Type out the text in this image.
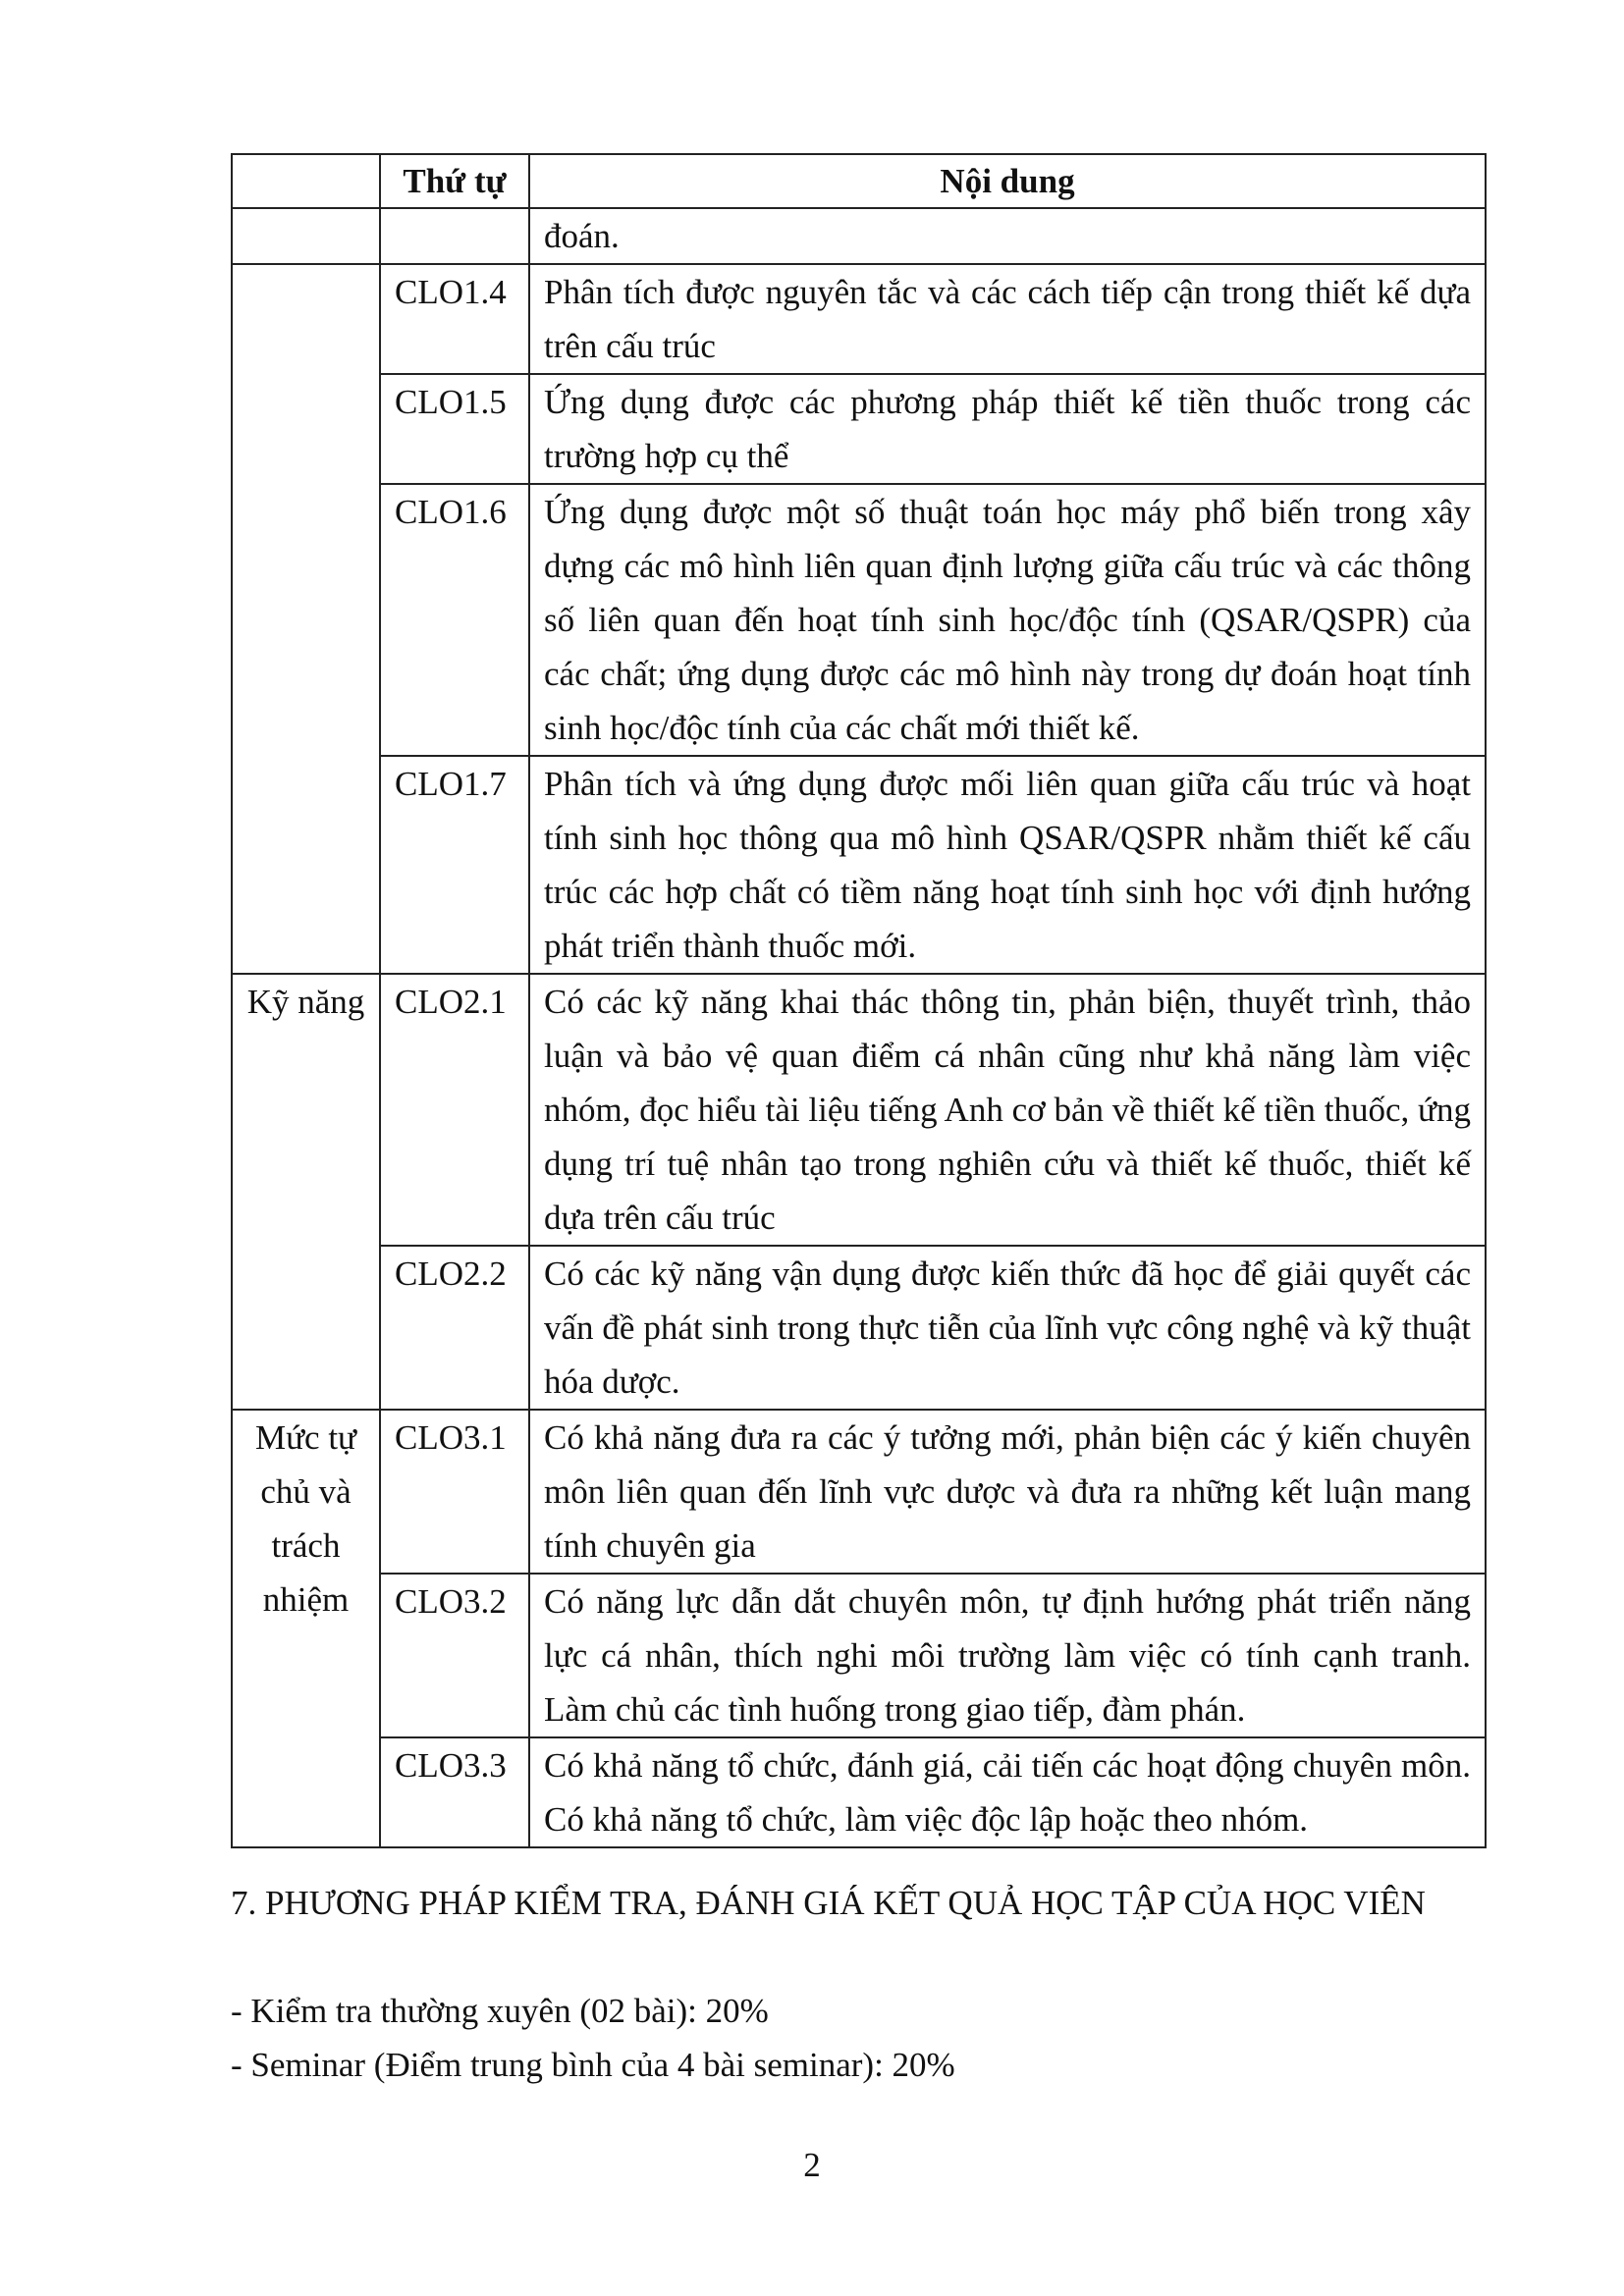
	Thứ tự	Nội dung
		đoán.
	CLO1.4	Phân tích được nguyên tắc và các cách tiếp cận trong thiết kế dựa trên cấu trúc
	CLO1.5	Ứng dụng được các phương pháp thiết kế tiền thuốc trong các trường hợp cụ thể
	CLO1.6	Ứng dụng được một số thuật toán học máy phổ biến trong xây dựng các mô hình liên quan định lượng giữa cấu trúc và các thông số liên quan đến hoạt tính sinh học/độc tính (QSAR/QSPR) của các chất; ứng dụng được các mô hình này trong dự đoán hoạt tính sinh học/độc tính của các chất mới thiết kế.
	CLO1.7	Phân tích và ứng dụng được mối liên quan giữa cấu trúc và hoạt tính sinh học thông qua mô hình QSAR/QSPR nhằm thiết kế cấu trúc các hợp chất có tiềm năng hoạt tính sinh học với định hướng phát triển thành thuốc mới.
Kỹ năng	CLO2.1	Có các kỹ năng khai thác thông tin, phản biện, thuyết trình, thảo luận và bảo vệ quan điểm cá nhân cũng như khả năng làm việc nhóm, đọc hiểu tài liệu tiếng Anh cơ bản về thiết kế tiền thuốc, ứng dụng trí tuệ nhân tạo trong nghiên cứu và thiết kế thuốc, thiết kế dựa trên cấu trúc
	CLO2.2	Có các kỹ năng vận dụng được kiến thức đã học để giải quyết các vấn đề phát sinh trong thực tiễn của lĩnh vực công nghệ và kỹ thuật hóa dược.
Mức tự chủ và trách nhiệm	CLO3.1	Có khả năng đưa ra các ý tưởng mới, phản biện các ý kiến chuyên môn liên quan đến lĩnh vực dược và đưa ra những kết luận mang tính chuyên gia
	CLO3.2	Có năng lực dẫn dắt chuyên môn, tự định hướng phát triển năng lực cá nhân, thích nghi môi trường làm việc có tính cạnh tranh. Làm chủ các tình huống trong giao tiếp, đàm phán.
	CLO3.3	Có khả năng tổ chức, đánh giá, cải tiến các hoạt động chuyên môn. Có khả năng tổ chức, làm việc độc lập hoặc theo nhóm.
7. PHƯƠNG PHÁP KIỂM TRA, ĐÁNH GIÁ KẾT QUẢ HỌC TẬP CỦA HỌC VIÊN
- Kiểm tra thường xuyên (02 bài): 20%
- Seminar (Điểm trung bình của 4 bài seminar): 20%
2
